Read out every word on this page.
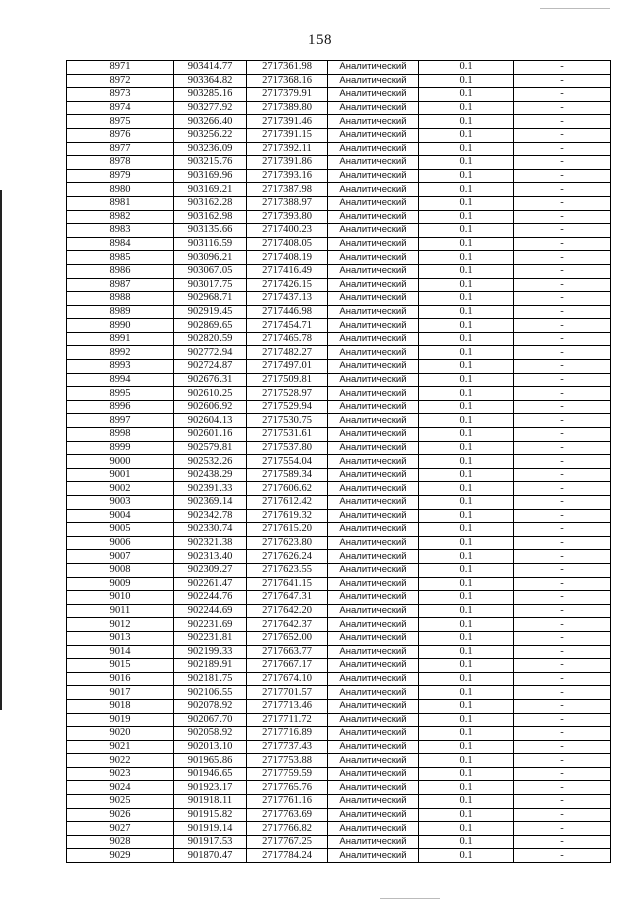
158
8971	903414.77	2717361.98	Аналитический	0.1	-
8972	903364.82	2717368.16	Аналитический	0.1	-
8973	903285.16	2717379.91	Аналитический	0.1	-
8974	903277.92	2717389.80	Аналитический	0.1	-
8975	903266.40	2717391.46	Аналитический	0.1	-
8976	903256.22	2717391.15	Аналитический	0.1	-
8977	903236.09	2717392.11	Аналитический	0.1	-
8978	903215.76	2717391.86	Аналитический	0.1	-
8979	903169.96	2717393.16	Аналитический	0.1	-
8980	903169.21	2717387.98	Аналитический	0.1	-
8981	903162.28	2717388.97	Аналитический	0.1	-
8982	903162.98	2717393.80	Аналитический	0.1	-
8983	903135.66	2717400.23	Аналитический	0.1	-
8984	903116.59	2717408.05	Аналитический	0.1	-
8985	903096.21	2717408.19	Аналитический	0.1	-
8986	903067.05	2717416.49	Аналитический	0.1	-
8987	903017.75	2717426.15	Аналитический	0.1	-
8988	902968.71	2717437.13	Аналитический	0.1	-
8989	902919.45	2717446.98	Аналитический	0.1	-
8990	902869.65	2717454.71	Аналитический	0.1	-
8991	902820.59	2717465.78	Аналитический	0.1	-
8992	902772.94	2717482.27	Аналитический	0.1	-
8993	902724.87	2717497.01	Аналитический	0.1	-
8994	902676.31	2717509.81	Аналитический	0.1	-
8995	902610.25	2717528.97	Аналитический	0.1	-
8996	902606.92	2717529.94	Аналитический	0.1	-
8997	902604.13	2717530.75	Аналитический	0.1	-
8998	902601.16	2717531.61	Аналитический	0.1	-
8999	902579.81	2717537.80	Аналитический	0.1	-
9000	902532.26	2717554.04	Аналитический	0.1	-
9001	902438.29	2717589.34	Аналитический	0.1	-
9002	902391.33	2717606.62	Аналитический	0.1	-
9003	902369.14	2717612.42	Аналитический	0.1	-
9004	902342.78	2717619.32	Аналитический	0.1	-
9005	902330.74	2717615.20	Аналитический	0.1	-
9006	902321.38	2717623.80	Аналитический	0.1	-
9007	902313.40	2717626.24	Аналитический	0.1	-
9008	902309.27	2717623.55	Аналитический	0.1	-
9009	902261.47	2717641.15	Аналитический	0.1	-
9010	902244.76	2717647.31	Аналитический	0.1	-
9011	902244.69	2717642.20	Аналитический	0.1	-
9012	902231.69	2717642.37	Аналитический	0.1	-
9013	902231.81	2717652.00	Аналитический	0.1	-
9014	902199.33	2717663.77	Аналитический	0.1	-
9015	902189.91	2717667.17	Аналитический	0.1	-
9016	902181.75	2717674.10	Аналитический	0.1	-
9017	902106.55	2717701.57	Аналитический	0.1	-
9018	902078.92	2717713.46	Аналитический	0.1	-
9019	902067.70	2717711.72	Аналитический	0.1	-
9020	902058.92	2717716.89	Аналитический	0.1	-
9021	902013.10	2717737.43	Аналитический	0.1	-
9022	901965.86	2717753.88	Аналитический	0.1	-
9023	901946.65	2717759.59	Аналитический	0.1	-
9024	901923.17	2717765.76	Аналитический	0.1	-
9025	901918.11	2717761.16	Аналитический	0.1	-
9026	901915.82	2717763.69	Аналитический	0.1	-
9027	901919.14	2717766.82	Аналитический	0.1	-
9028	901917.53	2717767.25	Аналитический	0.1	-
9029	901870.47	2717784.24	Аналитический	0.1	-
